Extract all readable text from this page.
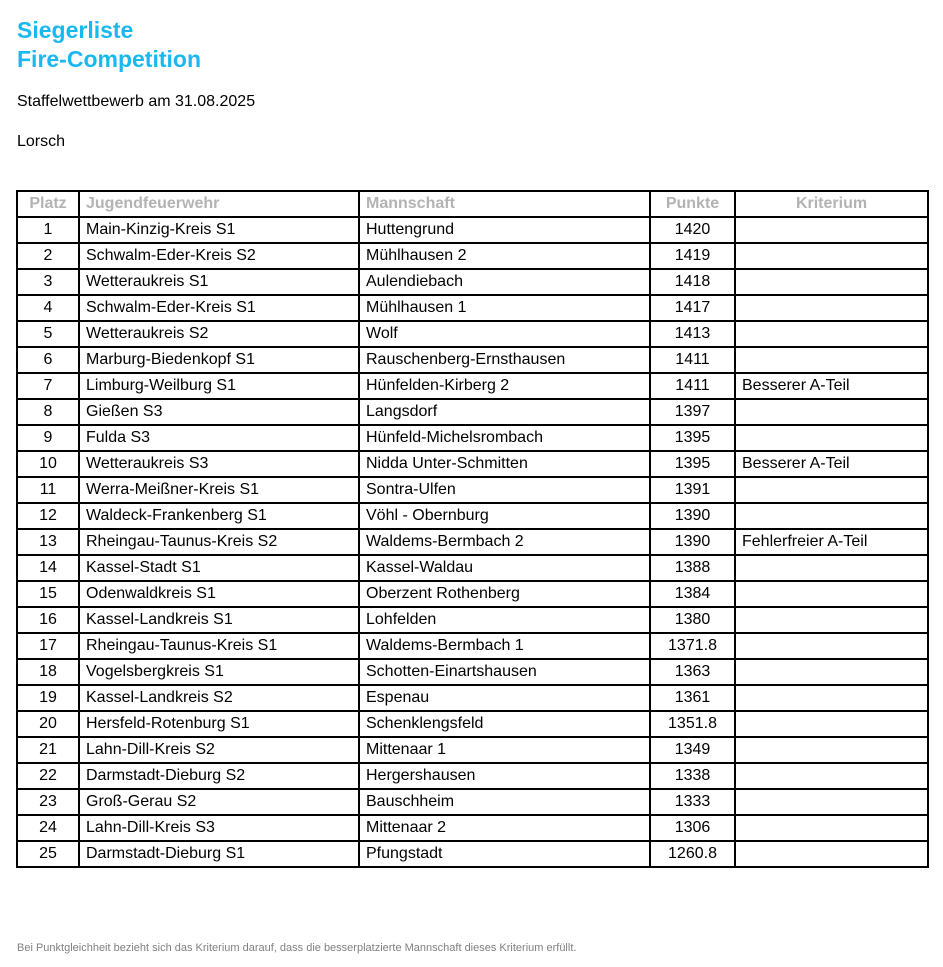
Siegerliste
Fire-Competition
Staffelwettbewerb am 31.08.2025
Lorsch
Platz	Jugendfeuerwehr	Mannschaft	Punkte	Kriterium
1	Main-Kinzig-Kreis S1	Huttengrund	1420	
2	Schwalm-Eder-Kreis S2	Mühlhausen 2	1419	
3	Wetteraukreis S1	Aulendiebach	1418	
4	Schwalm-Eder-Kreis S1	Mühlhausen 1	1417	
5	Wetteraukreis S2	Wolf	1413	
6	Marburg-Biedenkopf S1	Rauschenberg-Ernsthausen	1411	
7	Limburg-Weilburg S1	Hünfelden-Kirberg 2	1411	Besserer A-Teil
8	Gießen S3	Langsdorf	1397	
9	Fulda S3	Hünfeld-Michelsrombach	1395	
10	Wetteraukreis S3	Nidda Unter-Schmitten	1395	Besserer A-Teil
11	Werra-Meißner-Kreis S1	Sontra-Ulfen	1391	
12	Waldeck-Frankenberg S1	Vöhl - Obernburg	1390	
13	Rheingau-Taunus-Kreis S2	Waldems-Bermbach 2	1390	Fehlerfreier A-Teil
14	Kassel-Stadt S1	Kassel-Waldau	1388	
15	Odenwaldkreis S1	Oberzent Rothenberg	1384	
16	Kassel-Landkreis S1	Lohfelden	1380	
17	Rheingau-Taunus-Kreis S1	Waldems-Bermbach 1	1371.8	
18	Vogelsbergkreis S1	Schotten-Einartshausen	1363	
19	Kassel-Landkreis S2	Espenau	1361	
20	Hersfeld-Rotenburg S1	Schenklengsfeld	1351.8	
21	Lahn-Dill-Kreis S2	Mittenaar 1	1349	
22	Darmstadt-Dieburg S2	Hergershausen	1338	
23	Groß-Gerau S2	Bauschheim	1333	
24	Lahn-Dill-Kreis S3	Mittenaar 2	1306	
25	Darmstadt-Dieburg S1	Pfungstadt	1260.8	
Bei Punktgleichheit bezieht sich das Kriterium darauf, dass die besserplatzierte Mannschaft dieses Kriterium erfüllt.
